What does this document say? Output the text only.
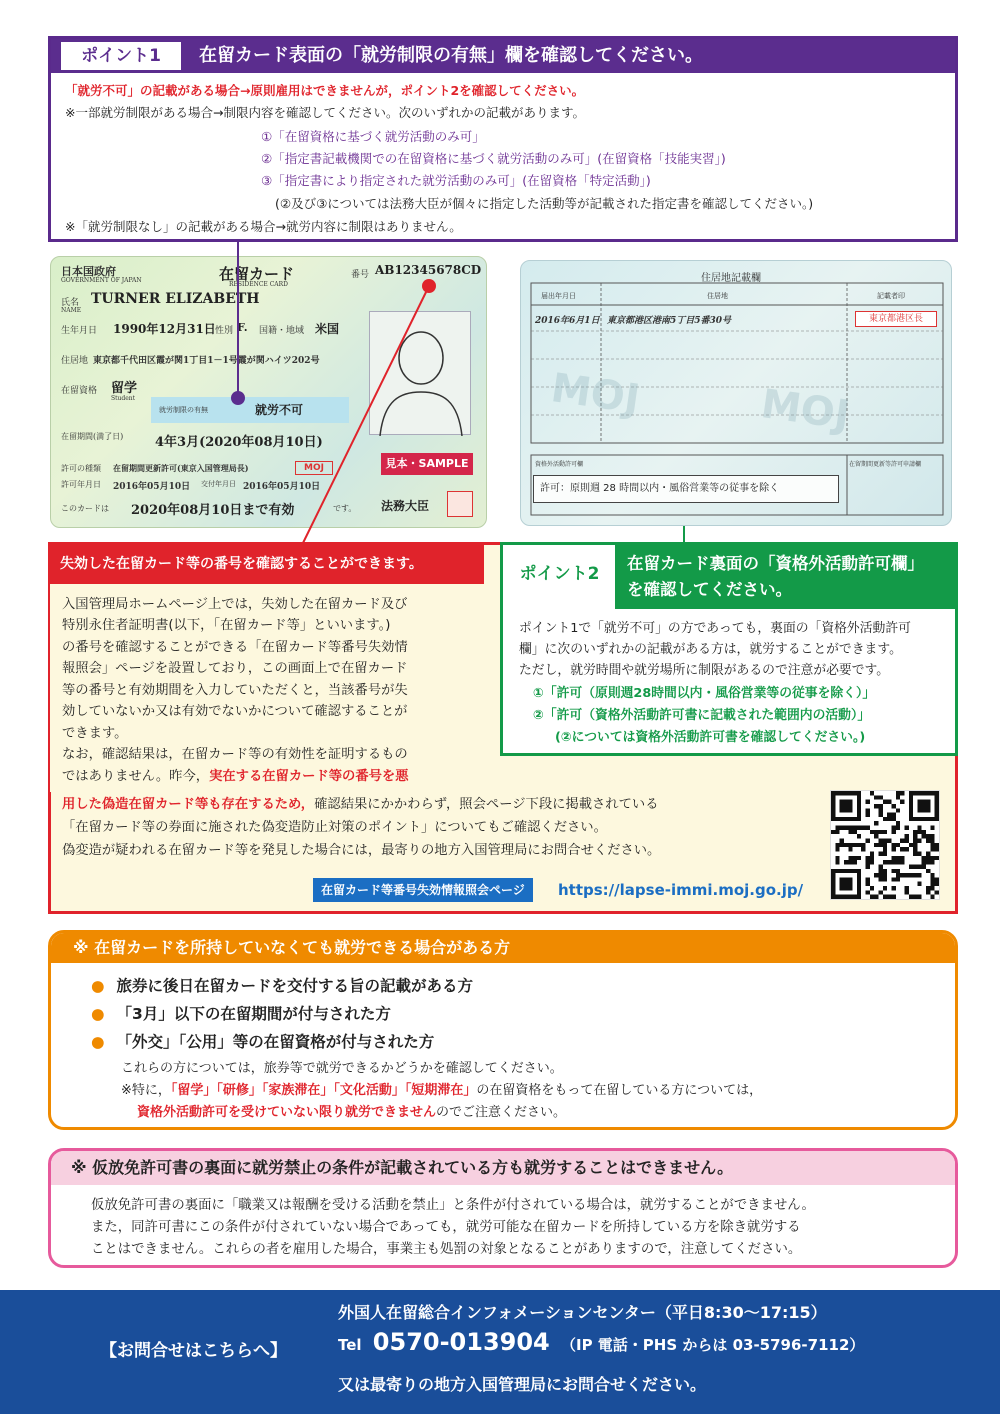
ポイント1	在留カード表面の「就労制限の有無」欄を確認してください。
「就労不可」の記載がある場合→原則雇用はできませんが，ポイント2を確認してください。
※一部就労制限がある場合→制限内容を確認してください。次のいずれかの記載があります。
①「在留資格に基づく就労活動のみ可」
②「指定書記載機関での在留資格に基づく就労活動のみ可」(在留資格「技能実習」)
③「指定書により指定された就労活動のみ可」(在留資格「特定活動」)
(②及び③については法務大臣が個々に指定した活動等が記載された指定書を確認してください。)
※「就労制限なし」の記載がある場合→就労内容に制限はありません。
日本国政府
GOVERNMENT OF JAPAN	在留カード
RESIDENCE CARD
番号 AB12345678CD
氏名
NAME
TURNER ELIZABETH
生年月日 1990年12月31日 性別 F. 国籍・地域 米国
住居地 東京都千代田区霞が関1丁目1－1号霞が関ハイツ202号
在留資格 留学
Student
就労制限の有無	就労不可
在留期間(満了日) 4年3月(2020年08月10日)
許可の種類 在留期間更新許可(東京入国管理局長)
許可年月日 2016年05月10日 交付年月日 2016年05月10日
このカードは 2020年08月10日まで有効	です。 法務大臣
MOJ	見本・SAMPLE
MOJ	MOJ
住居地記載欄
届出年月日	住居地	記載者印
2016年6月1日 東京都港区港南5丁目5番30号	東京都港区長
資格外活動許可欄	在留期間更新等許可申請欄
許可：原則週 28 時間以内・風俗営業等の従事を除く
失効した在留カード等の番号を確認することができます。
入国管理局ホームページ上では，失効した在留カード及び
特別永住者証明書(以下，「在留カード等」といいます。)
の番号を確認することができる「在留カード等番号失効情
報照会」ページを設置しており，この画面上で在留カード
等の番号と有効期間を入力していただくと，当該番号が失
効していないか又は有効でないかについて確認することが
できます。
なお，確認結果は，在留カード等の有効性を証明するもの
ではありません。昨今，実在する在留カード等の番号を悪
用した偽造在留カード等も存在するため，確認結果にかかわらず，照会ページ下段に掲載されている
「在留カード等の券面に施された偽変造防止対策のポイント」についてもご確認ください。
偽変造が疑われる在留カード等を発見した場合には，最寄りの地方入国管理局にお問合せください。
在留カード等番号失効情報照会ページ	https://lapse-immi.moj.go.jp/
ポイント2
在留カード裏面の「資格外活動許可欄」
を確認してください。
ポイント1で「就労不可」の方であっても，裏面の「資格外活動許可
欄」に次のいずれかの記載がある方は，就労することができます。
ただし，就労時間や就労場所に制限があるので注意が必要です。
①「許可（原則週28時間以内・風俗営業等の従事を除く）」
②「許可（資格外活動許可書に記載された範囲内の活動）」
(②については資格外活動許可書を確認してください。)
※ 在留カードを所持していなくても就労できる場合がある方
● 旅券に後日在留カードを交付する旨の記載がある方
● 「3月」以下の在留期間が付与された方
● 「外交」「公用」等の在留資格が付与された方
これらの方については，旅券等で就労できるかどうかを確認してください。
※特に，「留学」「研修」「家族滞在」「文化活動」「短期滞在」の在留資格をもって在留している方については，
資格外活動許可を受けていない限り就労できませんのでご注意ください。
※ 仮放免許可書の裏面に就労禁止の条件が記載されている方も就労することはできません。
仮放免許可書の裏面に「職業又は報酬を受ける活動を禁止」と条件が付されている場合は，就労することができません。
また，同許可書にこの条件が付されていない場合であっても，就労可能な在留カードを所持している方を除き就労する
ことはできません。これらの者を雇用した場合，事業主も処罰の対象となることがありますので，注意してください。
【お問合せはこちらへ】
外国人在留総合インフォメーションセンター（平日8:30～17:15）
Tel 0570-013904 （IP 電話・PHS からは 03-5796-7112）
又は最寄りの地方入国管理局にお問合せください。
